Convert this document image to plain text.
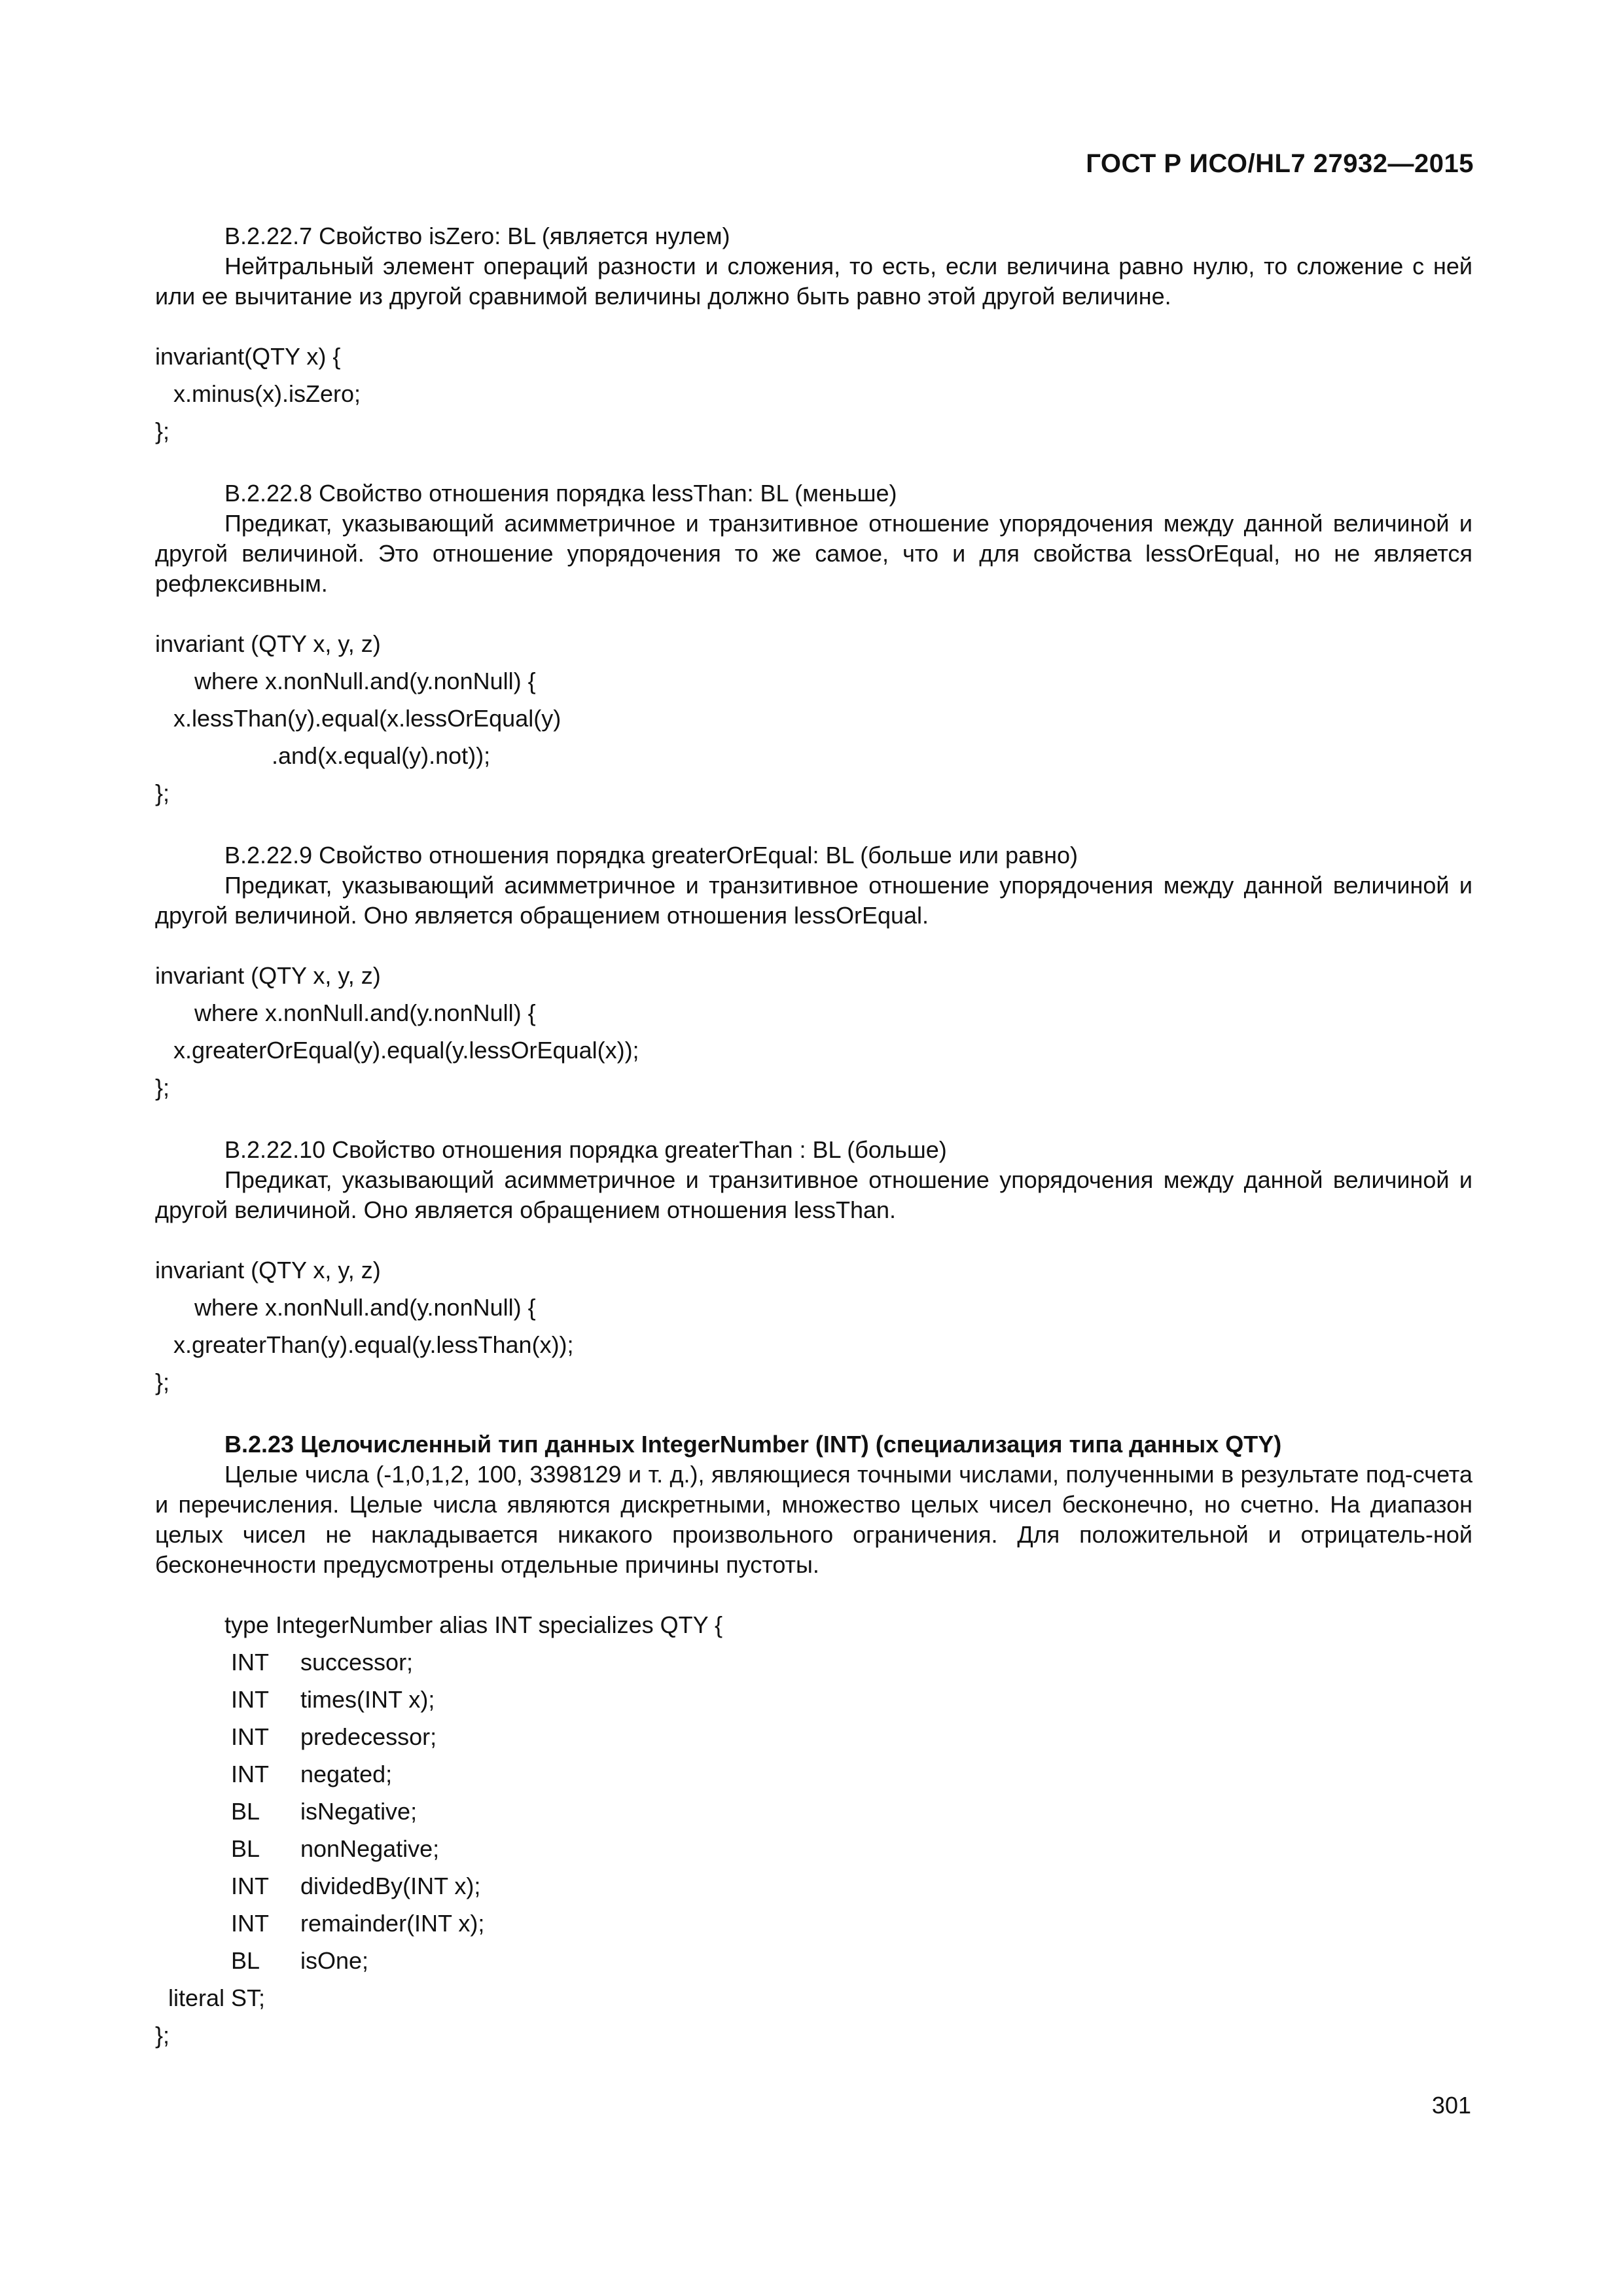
ГОСТ Р ИСО/HL7 27932—2015

B.2.22.7 Свойство isZero: BL (является нулем)

Нейтральный элемент операций разности и сложения, то есть, если величина равно нулю, то сложение с ней или ее вычитание из другой сравнимой величины должно быть равно этой другой величине.

invariant(QTY x) {
x.minus(x).isZero;
};

B.2.22.8 Свойство отношения порядка lessThan: BL (меньше)

Предикат, указывающий асимметричное и транзитивное отношение упорядочения между данной величиной и другой величиной. Это отношение упорядочения то же самое, что и для свойства lessOrEqual, но не является рефлексивным.

invariant (QTY x, y, z)
where x.nonNull.and(y.nonNull) {
x.lessThan(y).equal(x.lessOrEqual(y)
.and(x.equal(y).not));
};

B.2.22.9 Свойство отношения порядка greaterOrEqual: BL (больше или равно)

Предикат, указывающий асимметричное и транзитивное отношение упорядочения между данной величиной и другой величиной. Оно является обращением отношения lessOrEqual.

invariant (QTY x, y, z)
where x.nonNull.and(y.nonNull) {
x.greaterOrEqual(y).equal(y.lessOrEqual(x));
};

B.2.22.10 Свойство отношения порядка greaterThan : BL (больше)

Предикат, указывающий асимметричное и транзитивное отношение упорядочения между данной величиной и другой величиной. Оно является обращением отношения lessThan.

invariant (QTY x, y, z)
where x.nonNull.and(y.nonNull) {
x.greaterThan(y).equal(y.lessThan(x));
};

B.2.23 Целочисленный тип данных IntegerNumber (INT) (специализация типа данных QTY)

Целые числа (-1,0,1,2, 100, 3398129 и т. д.), являющиеся точными числами, полученными в результате под-счета и перечисления. Целые числа являются дискретными, множество целых чисел бесконечно, но счетно. На диапазон целых чисел не накладывается никакого произвольного ограничения. Для положительной и отрицатель-ной бесконечности предусмотрены отдельные причины пустоты.

type IntegerNumber alias INT specializes QTY {
INT successor;
INT times(INT x);
INT predecessor;
INT negated;
BL isNegative;
BL nonNegative;
INT dividedBy(INT x);
INT remainder(INT x);
BL isOne;
literal ST;
};
301
